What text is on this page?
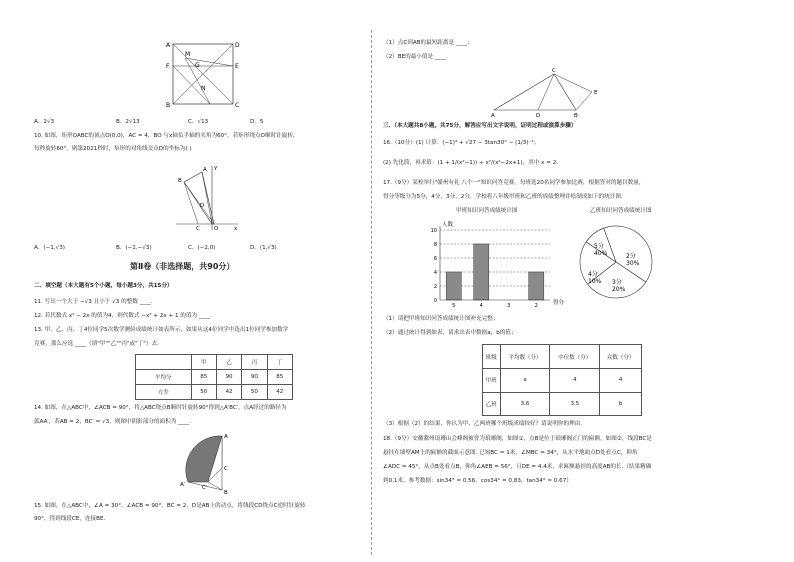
A	D
F	E
M
G
N
B	C
A．2√3	B．2√13	C．√13	D．5
10. 如图，矩形OABC的顶点O(0,0)，AC = 4，BO 与x轴负半轴的夹角为60°，若矩形绕点O顺时针旋转，
每秒旋转60°，则第2021秒时，矩形的对角线交点D的坐标为( )
B
A
D
C	O	x
y
A．(−1,√3)	B．(−1,−√3)	C．(−2,0)	D．(1,√3)
第Ⅱ卷（非选择题，共90分）
二、填空题（本大题有5个小题，每小题3分，共15分）
11. 写出一个大于 −√3 且小于 √3 的整数 ____.
12. 若代数式 x² − 2x 的值为4，则代数式 −x² + 2x + 1 的值为 ____.
13. 甲、乙、丙、丁4位同学5次数学测验成绩统计如表所示，如果从这4位同学中选出1位同学参加数学
竞赛，那么应选 ____（填"甲""乙""丙"或"丁"）去.
	甲	乙	丙	丁
平均分	85	90	90	85
方差	50	42	50	42
14. 如图，在△ABC中，∠ACB = 90°，将△ABC绕点B顺时针旋转90°得到△A′BC′，点A经过的路径为
弧AA′，若AB = 2，BC′ = √3，则图中阴影部分的面积为 ____.
A
A′
C
C′
B
15. 如图，在△ABC中，∠A = 30°，∠ACB = 90°，BC = 2，D是AB上的动点，将线段CD绕点C逆时针旋转
90°，得到线段CE，连接BE.
（1）点C到AB的最短距离是 ____；
（2）BE的最小值是 ____.
C
E
A	D	B
三、（本大题共8小题，共75分，解答应写出文字说明，证明过程或演算步骤）
16.（10分）(1) 计算：(−1)⁴ + √27 − 3tan30° − (1/3)⁻¹；
(2) 先化简，再求值：(1 + 1/(x²−1)) ÷ x²/(x²−2x+1)，其中 x = 2.
17.（9分）某校举行"赣州有礼 八个一"知识问答竞赛，每班选20名同学参加比赛，根据答对的题目数量，
得分等级分为5分，4分，3分，2分，学校将八年级甲班和乙班的成绩整理并绘制成如下的统计图.
甲班知识问答成绩统计图	乙班知识问答成绩统计图
0
2
4
6
8
10
5	4	3	2
人数
得分
5分
40%	2分
30%
4分
10% 3分
20%
（1）请把甲班知识问答成绩统计图补充完整；
（2）通过统计得到如表，请求出表中数据a，b的值；
班级	平均数（分）	中位数（分）	众数（分）
甲班	a	4	4
乙班	3.6	3.5	b
（3）根据（2）的结果，你认为甲、乙两班哪个班级成绩较好？请说明你的理由.
18.（9分）安徽滁州琅琊山会峰阁被誉为琅琊阁，如图①，点B是位于琅琊阁正门的匾额，如图②，线段BC是
悬挂在墙壁AM上的匾额的截面示意图. 已知BC = 1米，∠MBC = 34°，从水平地面点D处看点C，仰角
∠ADC = 45°，从点B处看点B，仰角∠AEB = 56°，且DE = 4.4米，求匾额悬挂的高度AB的长.（结果精确
到0.1米，参考数据：sin34° ≈ 0.56，cos34° ≈ 0.83，tan34° ≈ 0.67）
